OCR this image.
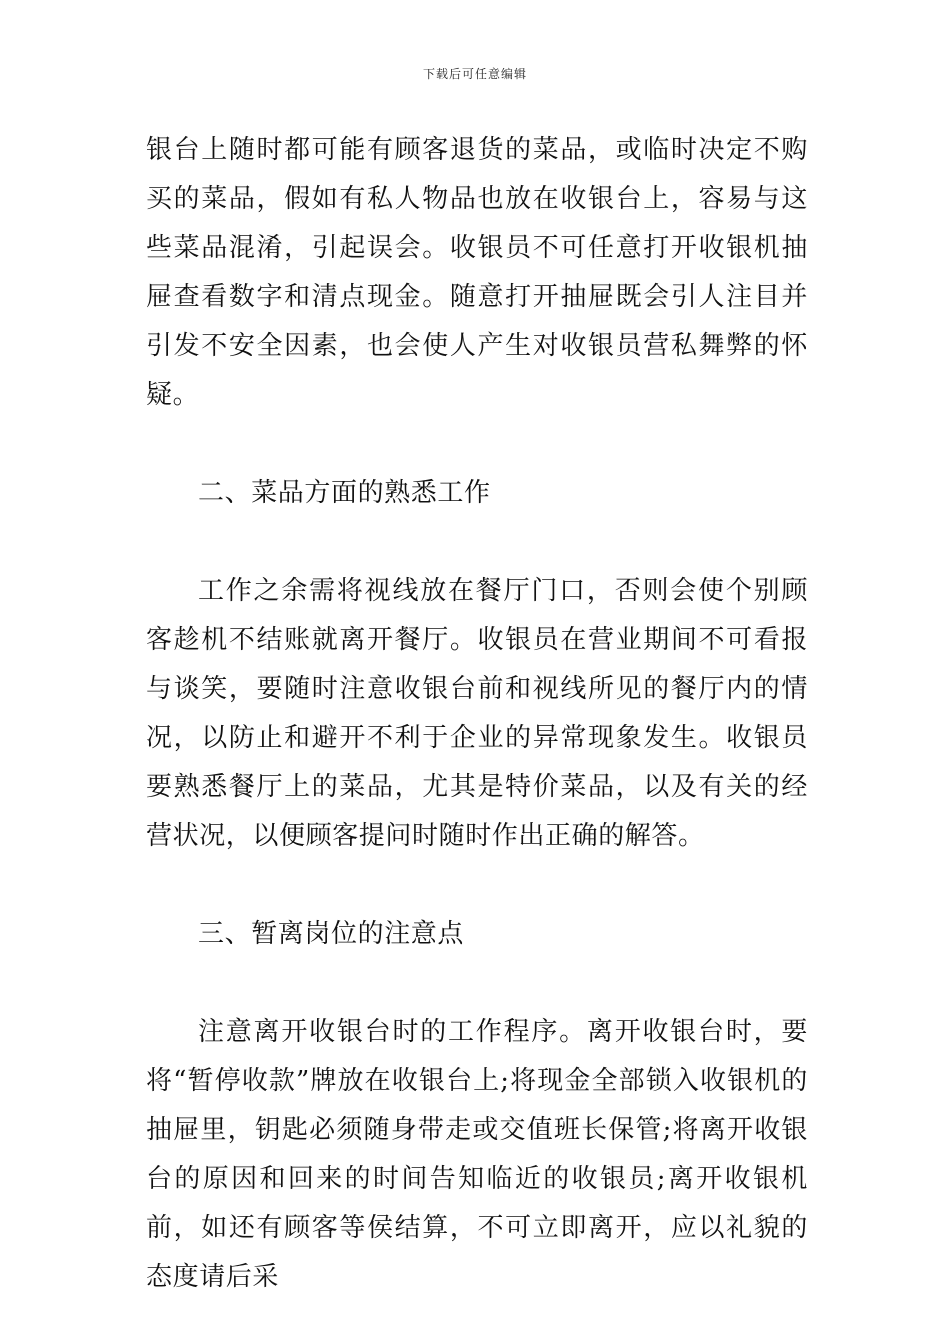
下载后可任意编辑

银台上随时都可能有顾客退货的菜品，或临时决定不购买的菜品，假如有私人物品也放在收银台上，容易与这些菜品混淆，引起误会。收银员不可任意打开收银机抽屉查看数字和清点现金。随意打开抽屉既会引人注目并引发不安全因素，也会使人产生对收银员营私舞弊的怀疑。

二、菜品方面的熟悉工作

工作之余需将视线放在餐厅门口，否则会使个别顾客趁机不结账就离开餐厅。收银员在营业期间不可看报与谈笑，要随时注意收银台前和视线所见的餐厅内的情况，以防止和避开不利于企业的异常现象发生。收银员要熟悉餐厅上的菜品，尤其是特价菜品，以及有关的经营状况，以便顾客提问时随时作出正确的解答。

三、暂离岗位的注意点

注意离开收银台时的工作程序。离开收银台时，要将“暂停收款”牌放在收银台上;将现金全部锁入收银机的抽屉里，钥匙必须随身带走或交值班长保管;将离开收银台的原因和回来的时间告知临近的收银员;离开收银机前，如还有顾客等侯结算，不可立即离开，应以礼貌的态度请后采
